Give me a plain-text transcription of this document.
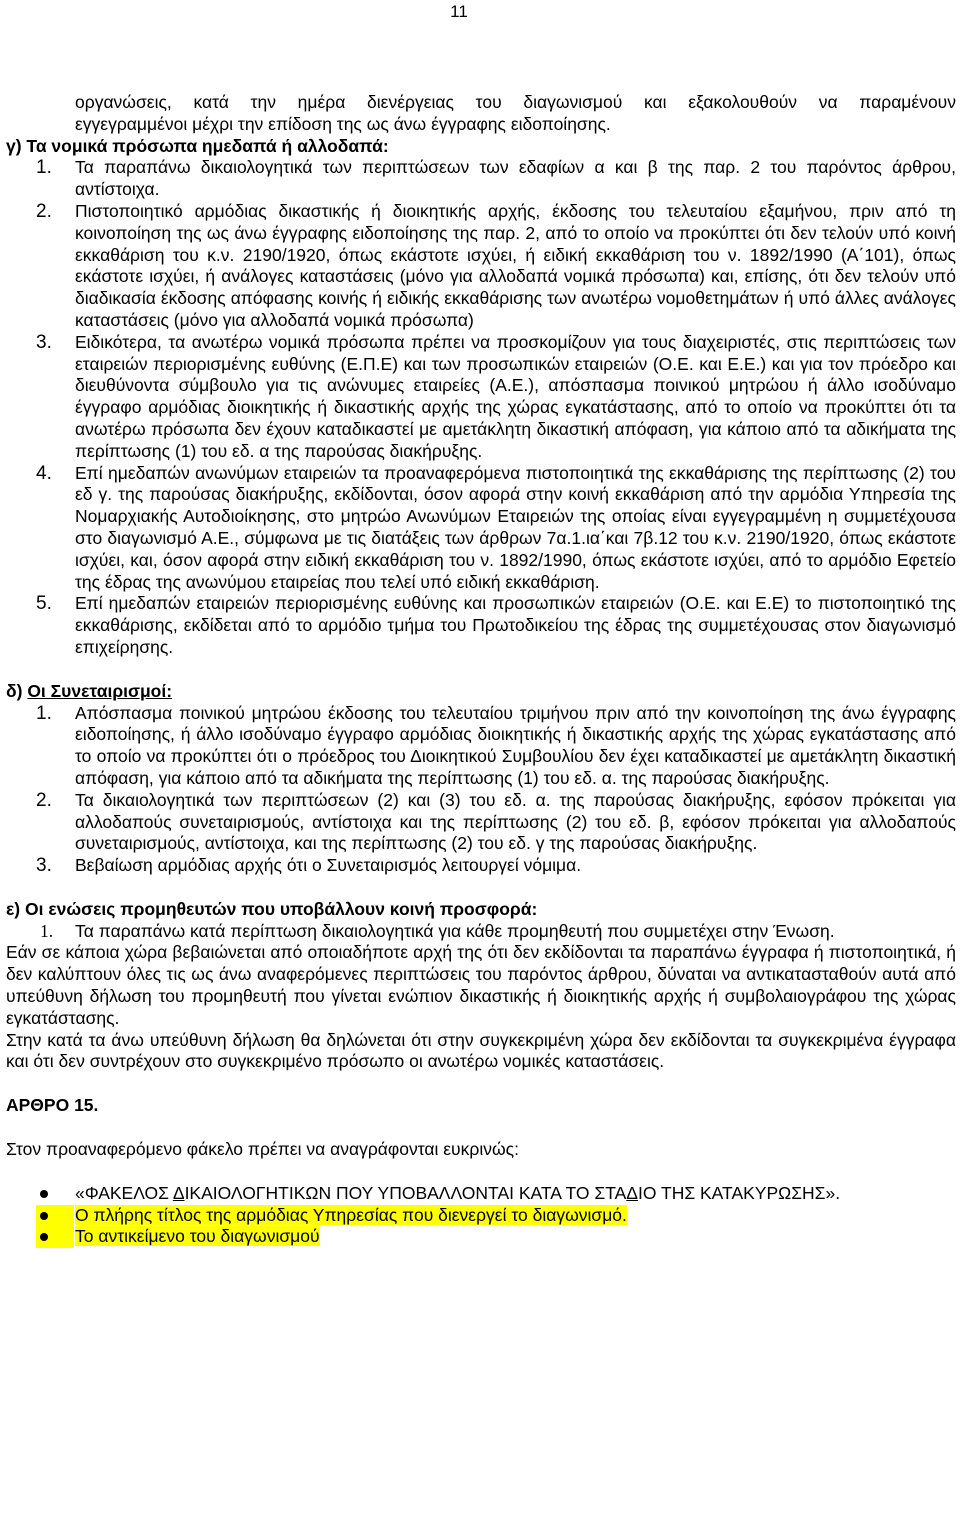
11

οργανώσεις, κατά την ημέρα διενέργειας του διαγωνισμού και εξακολουθούν να παραμένουν

εγγεγραμμένοι μέχρι την επίδοση της ως άνω έγγραφης ειδοποίησης.

γ) Τα νομικά πρόσωπα ημεδαπά ή αλλοδαπά:

1. Τα παραπάνω δικαιολογητικά των περιπτώσεων των εδαφίων α και β της παρ. 2 του παρόντος άρθρου, αντίστοιχα.
2. Πιστοποιητικό αρμόδιας δικαστικής ή διοικητικής αρχής, έκδοσης του τελευταίου εξαμήνου, πριν από τη κοινοποίηση της ως άνω έγγραφης ειδοποίησης της παρ. 2, από το οποίο να προκύπτει ότι δεν τελούν υπό κοινή εκκαθάριση του κ.ν. 2190/1920, όπως εκάστοτε ισχύει, ή ειδική εκκαθάριση του ν. 1892/1990 (Α΄101), όπως εκάστοτε ισχύει, ή ανάλογες καταστάσεις (μόνο για αλλοδαπά νομικά πρόσωπα) και, επίσης, ότι δεν τελούν υπό διαδικασία έκδοσης απόφασης κοινής ή ειδικής εκκαθάρισης των ανωτέρω νομοθετημάτων ή υπό άλλες ανάλογες καταστάσεις (μόνο για αλλοδαπά νομικά πρόσωπα)
3. Ειδικότερα, τα ανωτέρω νομικά πρόσωπα πρέπει να προσκομίζουν για τους διαχειριστές, στις περιπτώσεις των εταιρειών περιορισμένης ευθύνης (Ε.Π.Ε) και των προσωπικών εταιρειών (Ο.Ε. και Ε.Ε.) και για τον πρόεδρο και διευθύνοντα σύμβουλο για τις ανώνυμες εταιρείες (Α.Ε.), απόσπασμα ποινικού μητρώου ή άλλο ισοδύναμο έγγραφο αρμόδιας διοικητικής ή δικαστικής αρχής της χώρας εγκατάστασης, από το οποίο να προκύπτει ότι τα ανωτέρω πρόσωπα δεν έχουν καταδικαστεί με αμετάκλητη δικαστική απόφαση, για κάποιο από τα αδικήματα της περίπτωσης (1) του εδ. α της παρούσας διακήρυξης.
4. Επί ημεδαπών ανωνύμων εταιρειών τα προαναφερόμενα πιστοποιητικά της εκκαθάρισης της περίπτωσης (2) του εδ γ. της παρούσας διακήρυξης, εκδίδονται, όσον αφορά στην κοινή εκκαθάριση από την αρμόδια Υπηρεσία της Νομαρχιακής Αυτοδιοίκησης, στο μητρώο Ανωνύμων Εταιρειών της οποίας είναι εγγεγραμμένη η συμμετέχουσα στο διαγωνισμό Α.Ε., σύμφωνα με τις διατάξεις των άρθρων 7α.1.ια΄και 7β.12 του κ.ν. 2190/1920, όπως εκάστοτε ισχύει, και, όσον αφορά στην ειδική εκκαθάριση του ν. 1892/1990, όπως εκάστοτε ισχύει, από το αρμόδιο Εφετείο της έδρας της ανωνύμου εταιρείας που τελεί υπό ειδική εκκαθάριση.
5. Επί ημεδαπών εταιρειών περιορισμένης ευθύνης και προσωπικών εταιρειών (Ο.Ε. και Ε.Ε) το πιστοποιητικό της εκκαθάρισης, εκδίδεται από το αρμόδιο τμήμα του Πρωτοδικείου της έδρας της συμμετέχουσας στον διαγωνισμό επιχείρησης.

δ) Οι Συνεταιρισμοί:

1. Απόσπασμα ποινικού μητρώου έκδοσης του τελευταίου τριμήνου πριν από την κοινοποίηση της άνω έγγραφης ειδοποίησης, ή άλλο ισοδύναμο έγγραφο αρμόδιας διοικητικής ή δικαστικής αρχής της χώρας εγκατάστασης από το οποίο να προκύπτει ότι ο πρόεδρος του Διοικητικού Συμβουλίου δεν έχει καταδικαστεί με αμετάκλητη δικαστική απόφαση, για κάποιο από τα αδικήματα της περίπτωσης (1) του εδ. α. της παρούσας διακήρυξης.
2. Τα δικαιολογητικά των περιπτώσεων (2) και (3) του εδ. α. της παρούσας διακήρυξης, εφόσον πρόκειται για αλλοδαπούς συνεταιρισμούς, αντίστοιχα και της περίπτωσης (2) του εδ. β, εφόσον πρόκειται για αλλοδαπούς συνεταιρισμούς, αντίστοιχα, και της περίπτωσης (2) του εδ. γ της παρούσας διακήρυξης.
3. Βεβαίωση αρμόδιας αρχής ότι ο Συνεταιρισμός λειτουργεί νόμιμα.

ε) Οι ενώσεις προμηθευτών που υποβάλλουν κοινή προσφορά:

1. Τα παραπάνω κατά περίπτωση δικαιολογητικά για κάθε προμηθευτή που συμμετέχει στην Ένωση.

Εάν σε κάποια χώρα βεβαιώνεται από οποιαδήποτε αρχή της ότι δεν εκδίδονται τα παραπάνω έγγραφα ή πιστοποιητικά, ή δεν καλύπτουν όλες τις ως άνω αναφερόμενες περιπτώσεις του παρόντος άρθρου, δύναται να αντικατασταθούν αυτά από υπεύθυνη δήλωση του προμηθευτή που γίνεται ενώπιον δικαστικής ή διοικητικής αρχής ή συμβολαιογράφου της χώρας εγκατάστασης.

Στην κατά τα άνω υπεύθυνη δήλωση θα δηλώνεται ότι στην συγκεκριμένη χώρα δεν εκδίδονται τα συγκεκριμένα έγγραφα και ότι δεν συντρέχουν στο συγκεκριμένο πρόσωπο οι ανωτέρω νομικές καταστάσεις.

ΑΡΘΡΟ 15.

Στον προαναφερόμενο φάκελο πρέπει να αναγράφονται ευκρινώς:

«ΦΑΚΕΛΟΣ ΔΙΚΑΙΟΛΟΓΗΤΙΚΩΝ ΠΟΥ ΥΠΟΒΑΛΛΟΝΤΑΙ ΚΑΤΑ ΤΟ ΣΤΑΔΙΟ ΤΗΣ ΚΑΤΑΚΥΡΩΣΗΣ».
Ο πλήρης τίτλος της αρμόδιας Υπηρεσίας που διενεργεί το διαγωνισμό.
Το αντικείμενο του διαγωνισμού
